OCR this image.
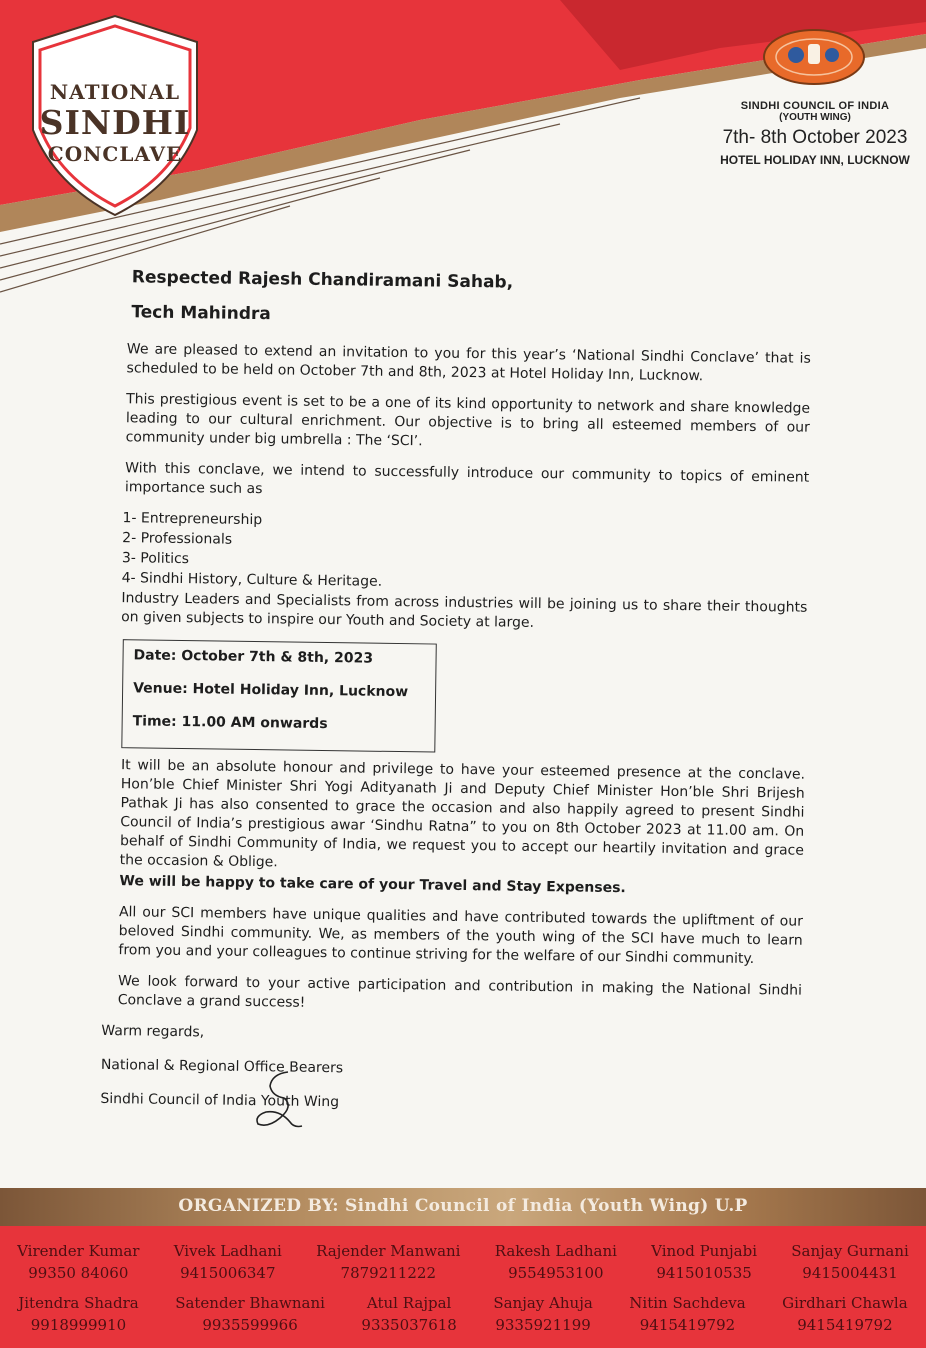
NATIONAL
SINDHI
CONCLAVE
SINDHI COUNCIL OF INDIA
(YOUTH WING)
7th- 8th October 2023
HOTEL HOLIDAY INN, LUCKNOW
Respected Rajesh Chandiramani Sahab,
Tech Mahindra

We are pleased to extend an invitation to you for this year’s ‘National Sindhi Conclave’ that is scheduled to be held on October 7th and 8th, 2023 at Hotel Holiday Inn, Lucknow.

This prestigious event is set to be a one of its kind opportunity to network and share knowledge leading to our cultural enrichment. Our objective is to bring all esteemed members of our community under big umbrella : The ‘SCI’.

With this conclave, we intend to successfully introduce our community to topics of eminent importance such as

1- Entrepreneurship
2- Professionals
3- Politics
4- Sindhi History, Culture & Heritage.

Industry Leaders and Specialists from across industries will be joining us to share their thoughts on given subjects to inspire our Youth and Society at large.

Date: October 7th & 8th, 2023
Venue: Hotel Holiday Inn, Lucknow
Time: 11.00 AM onwards

It will be an absolute honour and privilege to have your esteemed presence at the conclave. Hon’ble Chief Minister Shri Yogi Adityanath Ji and Deputy Chief Minister Hon’ble Shri Brijesh Pathak Ji has also consented to grace the occasion and also happily agreed to present Sindhi Council of India’s prestigious awar ‘Sindhu Ratna” to you on 8th October 2023 at 11.00 am. On behalf of Sindhi Community of India, we request you to accept our heartily invitation and grace the occasion & Oblige.

We will be happy to take care of your Travel and Stay Expenses.

All our SCI members have unique qualities and have contributed towards the upliftment of our beloved Sindhi community. We, as members of the youth wing of the SCI have much to learn from you and your colleagues to continue striving for the welfare of our Sindhi community.

We look forward to your active participation and contribution in making the National Sindhi Conclave a grand success!

Warm regards,
National & Regional Office Bearers
Sindhi Council of India Youth Wing
ORGANIZED BY: Sindhi Council of India (Youth Wing) U.P
Virender Kumar
99350 84060
Vivek Ladhani
9415006347
Rajender Manwani
7879211222
Rakesh Ladhani
9554953100
Vinod Punjabi
9415010535
Sanjay Gurnani
9415004431
Jitendra Shadra
9918999910
Satender Bhawnani
9935599966
Atul Rajpal
9335037618
Sanjay Ahuja
9335921199
Nitin Sachdeva
9415419792
Girdhari Chawla
9415419792
